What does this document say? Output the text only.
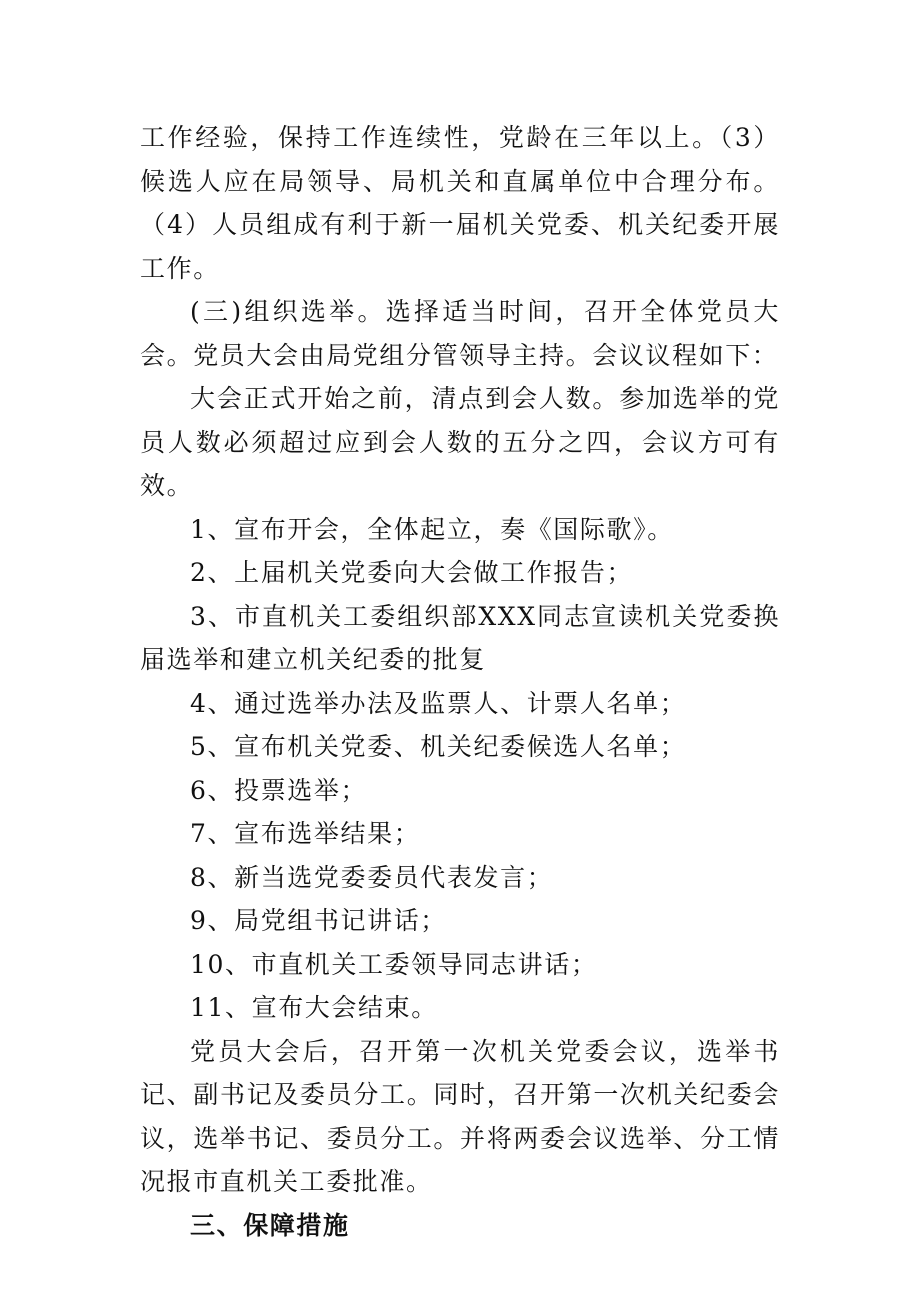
工作经验，保持工作连续性，党龄在三年以上。（3）候选人应在局领导、局机关和直属单位中合理分布。（4）人员组成有利于新一届机关党委、机关纪委开展工作。

(三)组织选举。选择适当时间，召开全体党员大会。党员大会由局党组分管领导主持。会议议程如下：

大会正式开始之前，清点到会人数。参加选举的党员人数必须超过应到会人数的五分之四，会议方可有效。

1、宣布开会，全体起立，奏《国际歌》。

2、上届机关党委向大会做工作报告；

3、市直机关工委组织部XXX同志宣读机关党委换届选举和建立机关纪委的批复

4、通过选举办法及监票人、计票人名单；

5、宣布机关党委、机关纪委候选人名单；

6、投票选举；

7、宣布选举结果；

8、新当选党委委员代表发言；

9、局党组书记讲话；

10、市直机关工委领导同志讲话；

11、宣布大会结束。

党员大会后，召开第一次机关党委会议，选举书记、副书记及委员分工。同时，召开第一次机关纪委会议，选举书记、委员分工。并将两委会议选举、分工情况报市直机关工委批准。

三、保障措施
